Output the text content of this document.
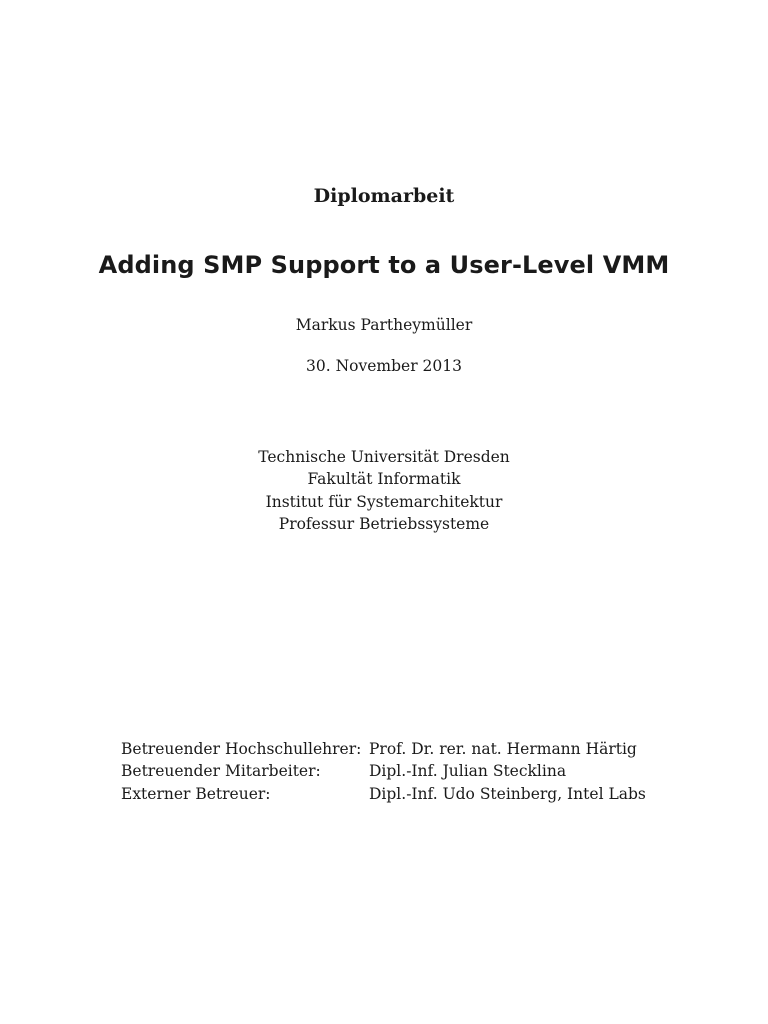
Diplomarbeit
Adding SMP Support to a User-Level VMM
Markus Partheymüller
30. November 2013
Technische Universität Dresden
Fakultät Informatik
Institut für Systemarchitektur
Professur Betriebssysteme
Betreuender Hochschullehrer: Prof. Dr. rer. nat. Hermann Härtig
Betreuender Mitarbeiter:	Dipl.-Inf. Julian Stecklina
Externer Betreuer:	Dipl.-Inf. Udo Steinberg, Intel Labs
